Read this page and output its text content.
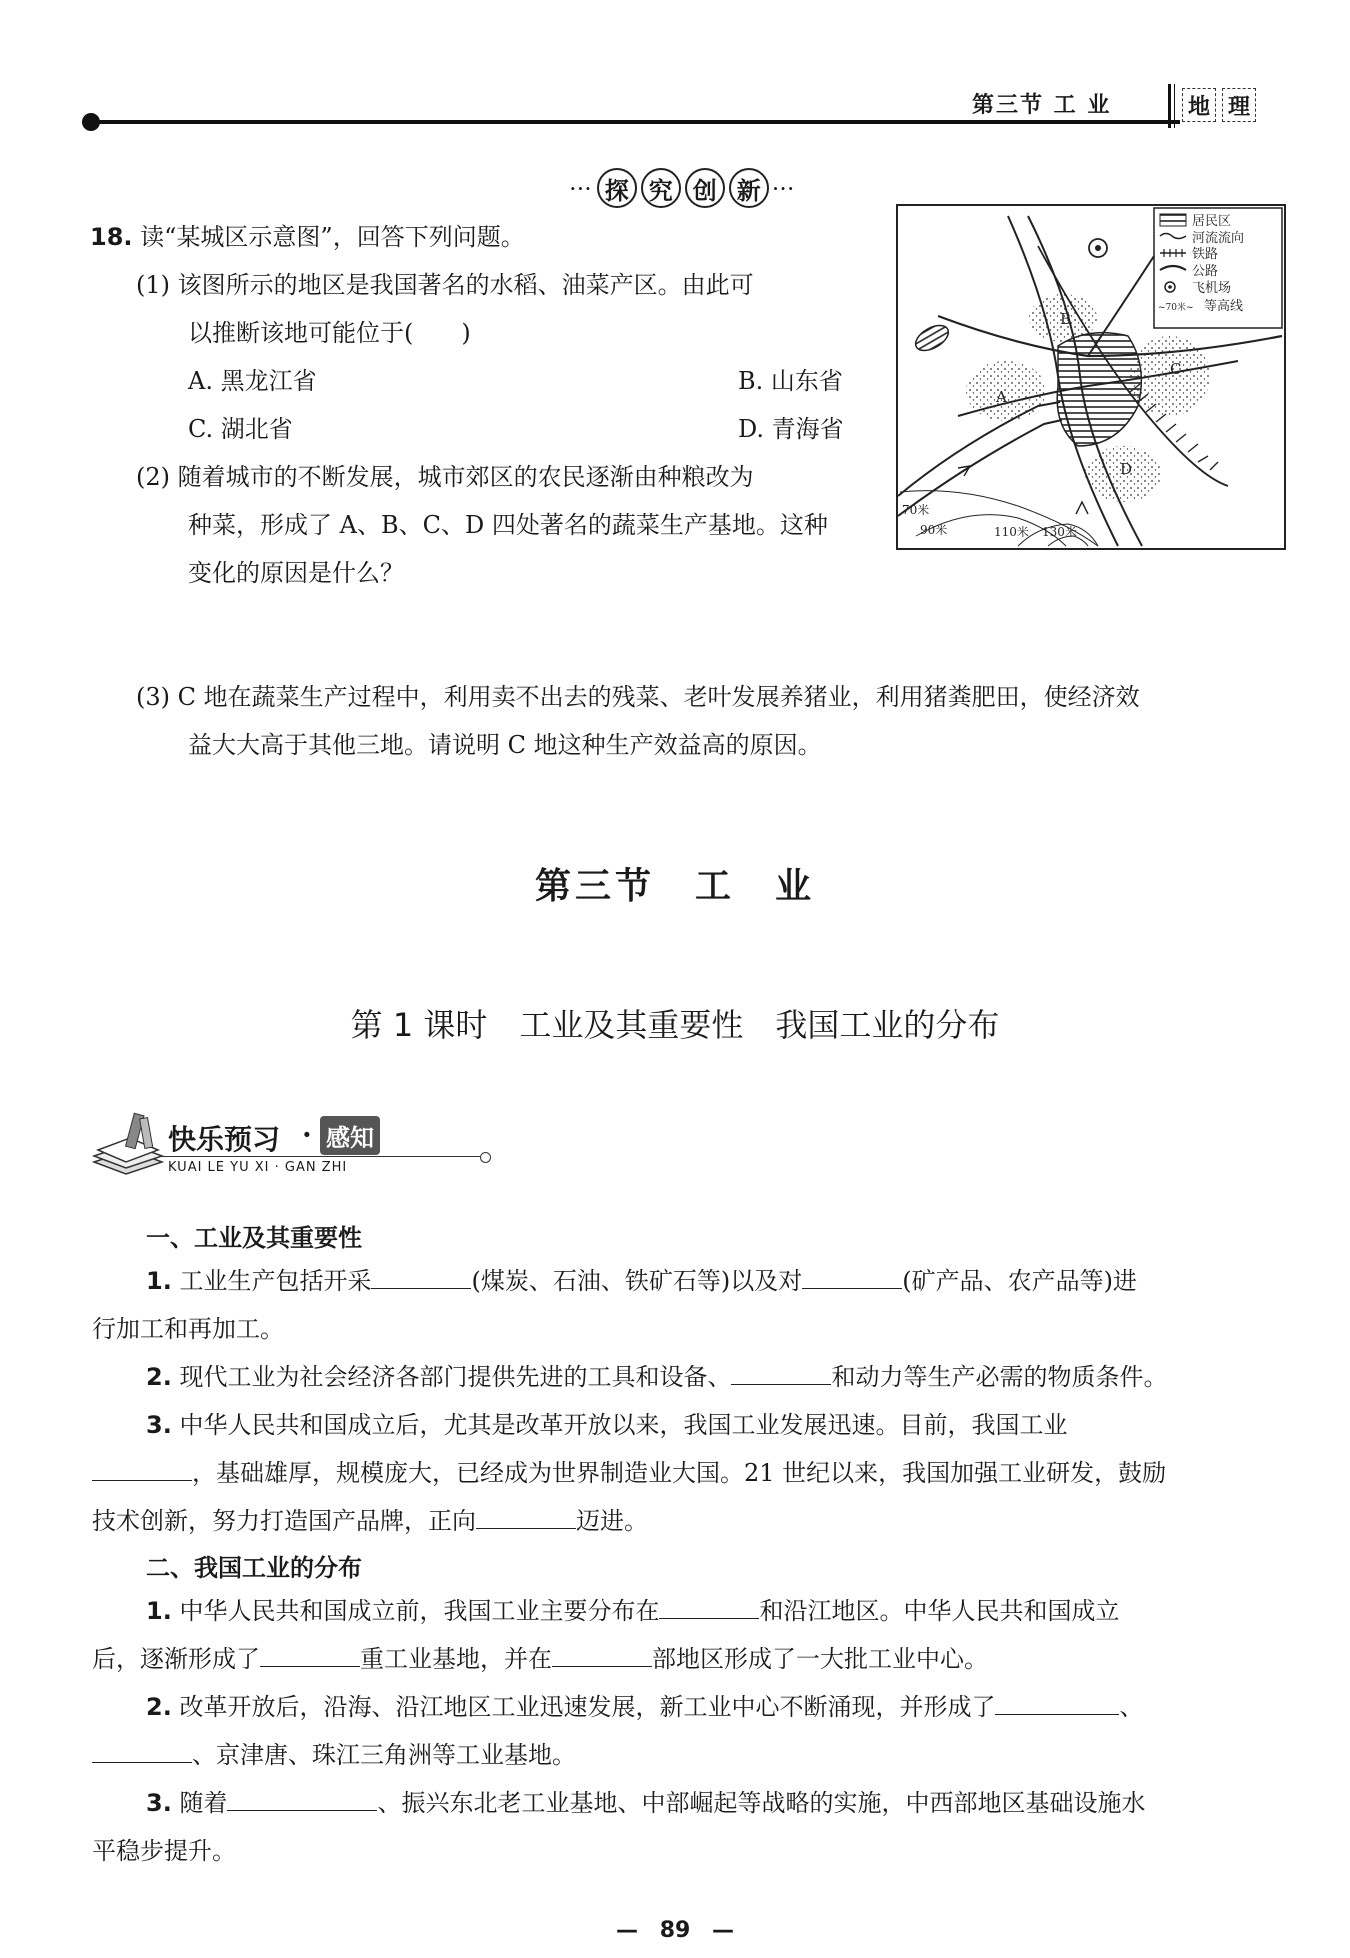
第三节 工 业	地 理
··· 探 究 创 新 ···
18. 读“某城区示意图”，回答下列问题。
(1) 该图所示的地区是我国著名的水稻、油菜产区。由此可
以推断该地可能位于(　　)
A. 黑龙江省	B. 山东省
C. 湖北省	D. 青海省
(2) 随着城市的不断发展，城市郊区的农民逐渐由种粮改为
种菜，形成了 A、B、C、D 四处著名的蔬菜生产基地。这种
变化的原因是什么？
(3) C 地在蔬菜生产过程中，利用卖不出去的残菜、老叶发展养猪业，利用猪粪肥田，使经济效
益大大高于其他三地。请说明 C 地这种生产效益高的原因。
居民区
河流流向
铁路
公路
飞机场
~70米~ 等高线
A
B
C
D
70米
90米	110米 130米
第三节　工　业
第 1 课时　工业及其重要性　我国工业的分布
快乐预习 · 感知
KUAI LE YU XI · GAN ZHI
一、工业及其重要性
1. 工业生产包括开采	(煤炭、石油、铁矿石等)以及对	(矿产品、农产品等)进
行加工和再加工。
2. 现代工业为社会经济各部门提供先进的工具和设备、	和动力等生产必需的物质条件。
3. 中华人民共和国成立后，尤其是改革开放以来，我国工业发展迅速。目前，我国工业
，基础雄厚，规模庞大，已经成为世界制造业大国。21 世纪以来，我国加强工业研发，鼓励
技术创新，努力打造国产品牌，正向	迈进。
二、我国工业的分布
1. 中华人民共和国成立前，我国工业主要分布在	和沿江地区。中华人民共和国成立
后，逐渐形成了	重工业基地，并在	部地区形成了一大批工业中心。
2. 改革开放后，沿海、沿江地区工业迅速发展，新工业中心不断涌现，并形成了	、
、京津唐、珠江三角洲等工业基地。
3. 随着	、振兴东北老工业基地、中部崛起等战略的实施，中西部地区基础设施水
平稳步提升。
— 89 —
